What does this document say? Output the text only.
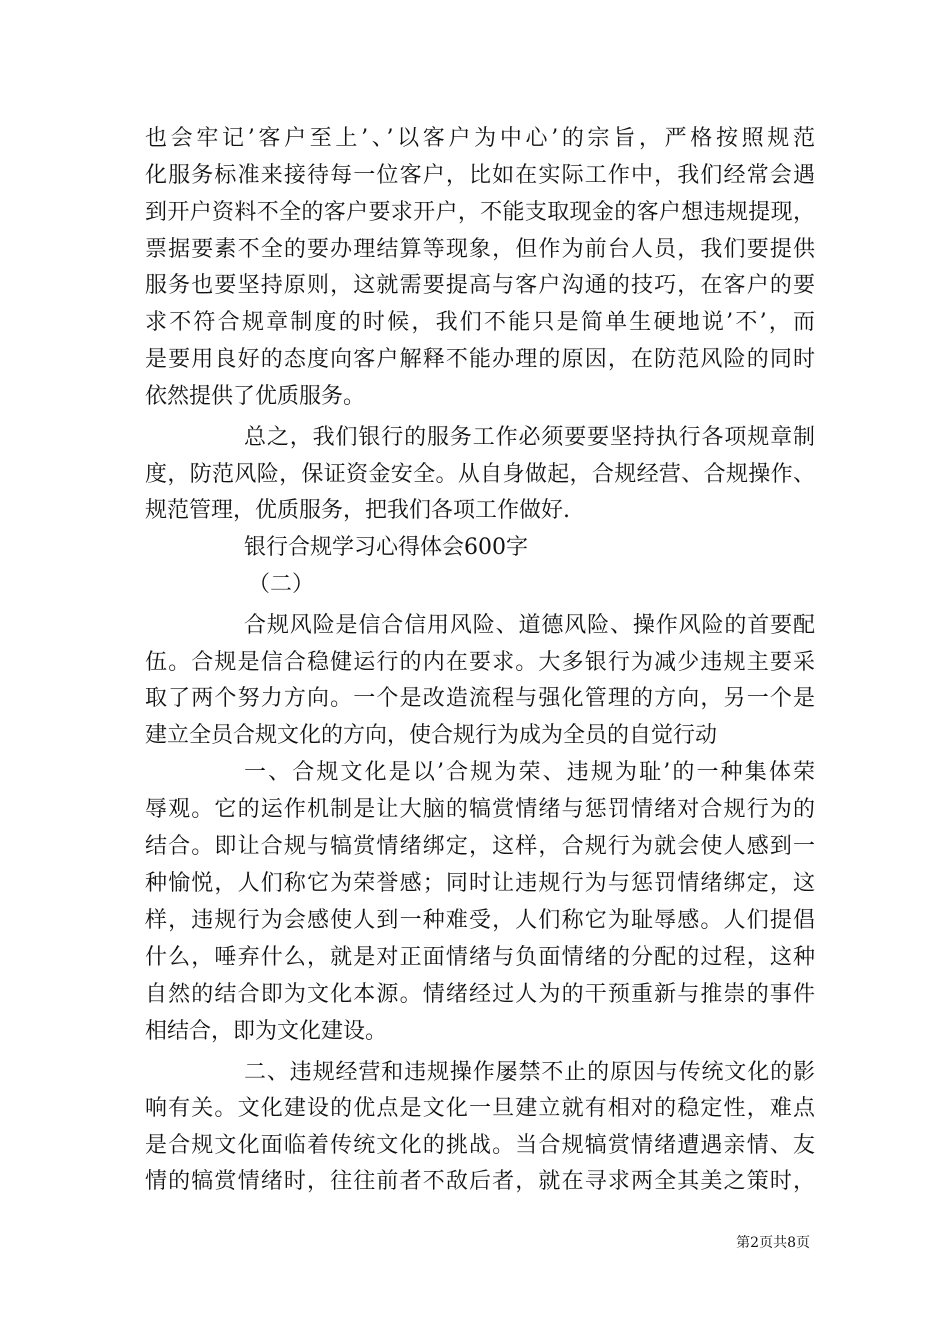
也会牢记’客户至上’、’以客户为中心’的宗旨，严格按照规范
化服务标准来接待每一位客户，比如在实际工作中，我们经常会遇
到开户资料不全的客户要求开户，不能支取现金的客户想违规提现，
票据要素不全的要办理结算等现象，但作为前台人员，我们要提供
服务也要坚持原则，这就需要提高与客户沟通的技巧，在客户的要
求不符合规章制度的时候，我们不能只是简单生硬地说’不’，而
是要用良好的态度向客户解释不能办理的原因，在防范风险的同时
依然提供了优质服务。
总之，我们银行的服务工作必须要要坚持执行各项规章制
度，防范风险，保证资金安全。从自身做起，合规经营、合规操作、
规范管理，优质服务，把我们各项工作做好.
银行合规学习心得体会600字
（二）
合规风险是信合信用风险、道德风险、操作风险的首要配
伍。合规是信合稳健运行的内在要求。大多银行为减少违规主要采
取了两个努力方向。一个是改造流程与强化管理的方向，另一个是
建立全员合规文化的方向，使合规行为成为全员的自觉行动
一、合规文化是以’合规为荣、违规为耻’的一种集体荣
辱观。它的运作机制是让大脑的犒赏情绪与惩罚情绪对合规行为的
结合。即让合规与犒赏情绪绑定，这样，合规行为就会使人感到一
种愉悦，人们称它为荣誉感；同时让违规行为与惩罚情绪绑定，这
样，违规行为会感使人到一种难受，人们称它为耻辱感。人们提倡
什么，唾弃什么，就是对正面情绪与负面情绪的分配的过程，这种
自然的结合即为文化本源。情绪经过人为的干预重新与推崇的事件
相结合，即为文化建设。
二、违规经营和违规操作屡禁不止的原因与传统文化的影
响有关。文化建设的优点是文化一旦建立就有相对的稳定性，难点
是合规文化面临着传统文化的挑战。当合规犒赏情绪遭遇亲情、友
情的犒赏情绪时，往往前者不敌后者，就在寻求两全其美之策时，
第2页共8页
